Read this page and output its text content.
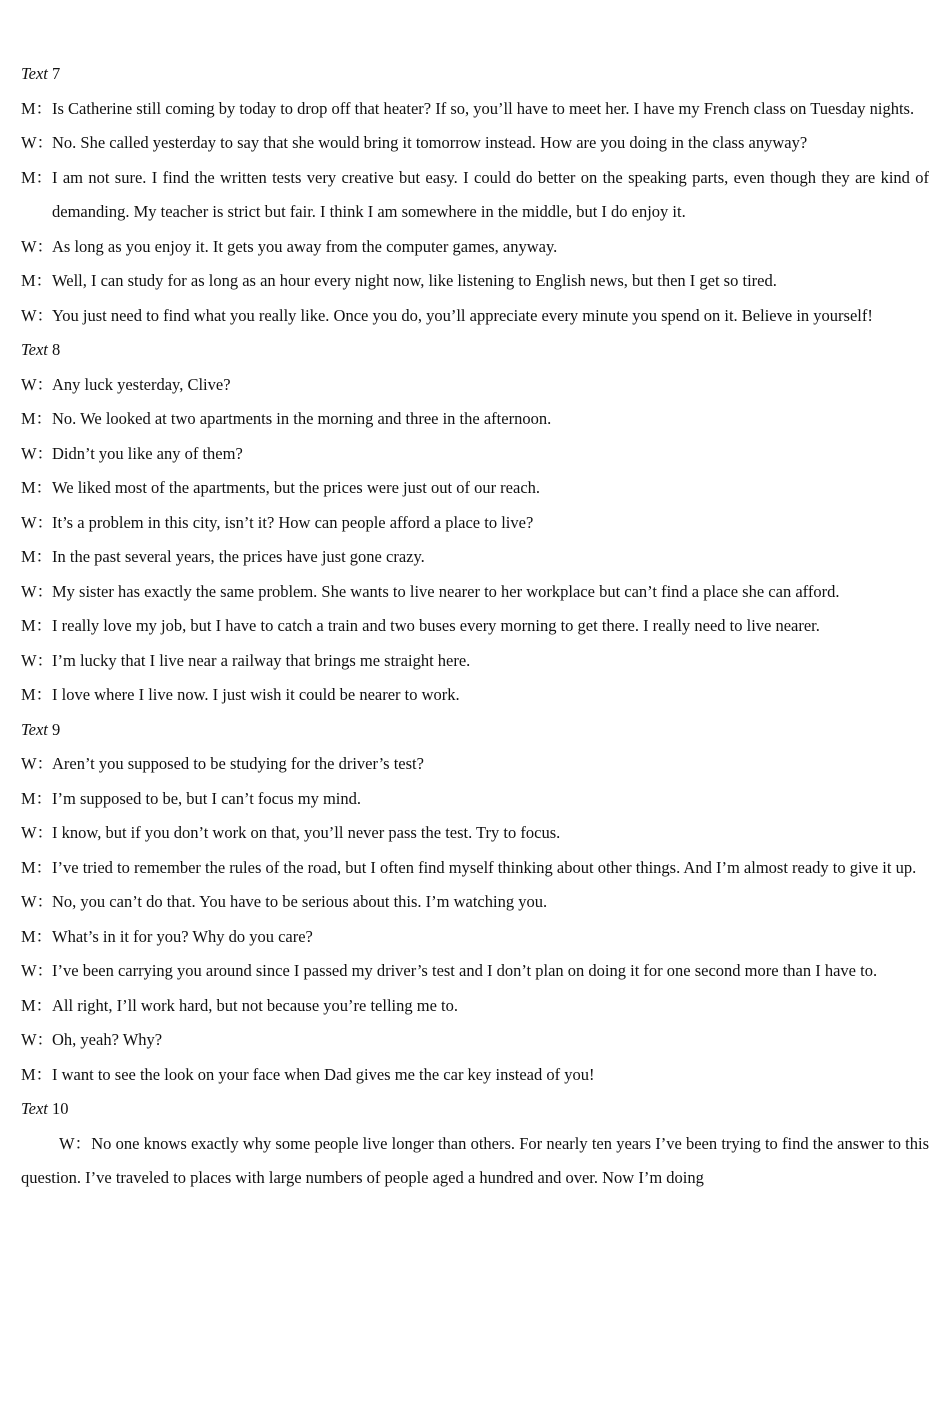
Text 7
M：Is Catherine still coming by today to drop off that heater? If so, you’ll have to meet her. I have my French class on Tuesday nights.
W：No. She called yesterday to say that she would bring it tomorrow instead. How are you doing in the class anyway?
M：I am not sure. I find the written tests very creative but easy. I could do better on the speaking parts, even though they are kind of demanding. My teacher is strict but fair. I think I am somewhere in the middle, but I do enjoy it.
W：As long as you enjoy it. It gets you away from the computer games, anyway.
M：Well, I can study for as long as an hour every night now, like listening to English news, but then I get so tired.
W：You just need to find what you really like. Once you do, you’ll appreciate every minute you spend on it. Believe in yourself!
Text 8
W：Any luck yesterday, Clive?
M：No. We looked at two apartments in the morning and three in the afternoon.
W：Didn’t you like any of them?
M：We liked most of the apartments, but the prices were just out of our reach.
W：It’s a problem in this city, isn’t it? How can people afford a place to live?
M：In the past several years, the prices have just gone crazy.
W：My sister has exactly the same problem. She wants to live nearer to her workplace but can’t find a place she can afford.
M：I really love my job, but I have to catch a train and two buses every morning to get there. I really need to live nearer.
W：I’m lucky that I live near a railway that brings me straight here.
M：I love where I live now. I just wish it could be nearer to work.
Text 9
W：Aren’t you supposed to be studying for the driver’s test?
M：I’m supposed to be, but I can’t focus my mind.
W：I know, but if you don’t work on that, you’ll never pass the test. Try to focus.
M：I’ve tried to remember the rules of the road, but I often find myself thinking about other things. And I’m almost ready to give it up.
W：No, you can’t do that. You have to be serious about this. I’m watching you.
M：What’s in it for you? Why do you care?
W：I’ve been carrying you around since I passed my driver’s test and I don’t plan on doing it for one second more than I have to.
M：All right, I’ll work hard, but not because you’re telling me to.
W：Oh, yeah? Why?
M：I want to see the look on your face when Dad gives me the car key instead of you!
Text 10
W：No one knows exactly why some people live longer than others. For nearly ten years I’ve been trying to find the answer to this question. I’ve traveled to places with large numbers of people aged a hundred and over. Now I’m doing
